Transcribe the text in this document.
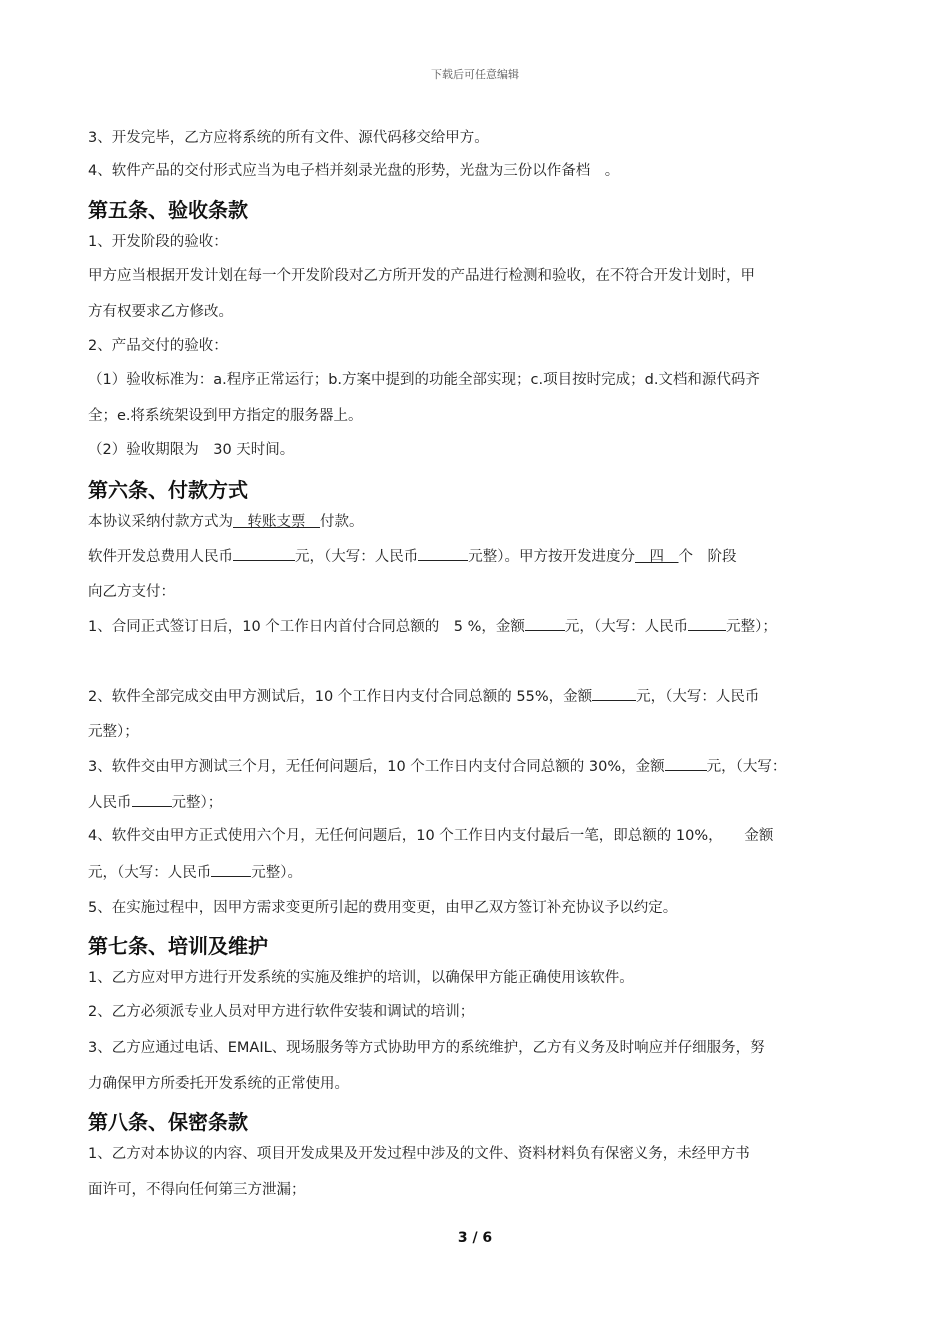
下载后可任意编辑
3、开发完毕，乙方应将系统的所有文件、源代码移交给甲方。
4、软件产品的交付形式应当为电子档并刻录光盘的形势，光盘为三份以作备档　。
第五条、验收条款
1、开发阶段的验收：
甲方应当根据开发计划在每一个开发阶段对乙方所开发的产品进行检测和验收，在不符合开发计划时，甲
方有权要求乙方修改。
2、产品交付的验收：
（1）验收标准为：a.程序正常运行；b.方案中提到的功能全部实现；c.项目按时完成；d.文档和源代码齐
全；e.将系统架设到甲方指定的服务器上。
（2）验收期限为　30 天时间。
第六条、付款方式
本协议采纳付款方式为　转账支票　付款。
软件开发总费用人民币	元，（大写：人民币	元整）。甲方按开发进度分　四　个　阶段
向乙方支付：
1、合同正式签订日后，10 个工作日内首付合同总额的　5 %，金额	元，（大写：人民币	元整）；
2、软件全部完成交由甲方测试后，10 个工作日内支付合同总额的 55%，金额	元，（大写：人民币
元整）；
3、软件交由甲方测试三个月，无任何问题后，10 个工作日内支付合同总额的 30%，金额	元，（大写：
人民币	元整）；
4、软件交由甲方正式使用六个月，无任何问题后，10 个工作日内支付最后一笔，即总额的 10%，　　金额
元，（大写：人民币	元整）。
5、在实施过程中，因甲方需求变更所引起的费用变更，由甲乙双方签订补充协议予以约定。
第七条、培训及维护
1、乙方应对甲方进行开发系统的实施及维护的培训，以确保甲方能正确使用该软件。
2、乙方必须派专业人员对甲方进行软件安装和调试的培训；
3、乙方应通过电话、EMAIL、现场服务等方式协助甲方的系统维护，乙方有义务及时响应并仔细服务，努
力确保甲方所委托开发系统的正常使用。
第八条、保密条款
1、乙方对本协议的内容、项目开发成果及开发过程中涉及的文件、资料材料负有保密义务，未经甲方书
面许可，不得向任何第三方泄漏；
3 / 6
